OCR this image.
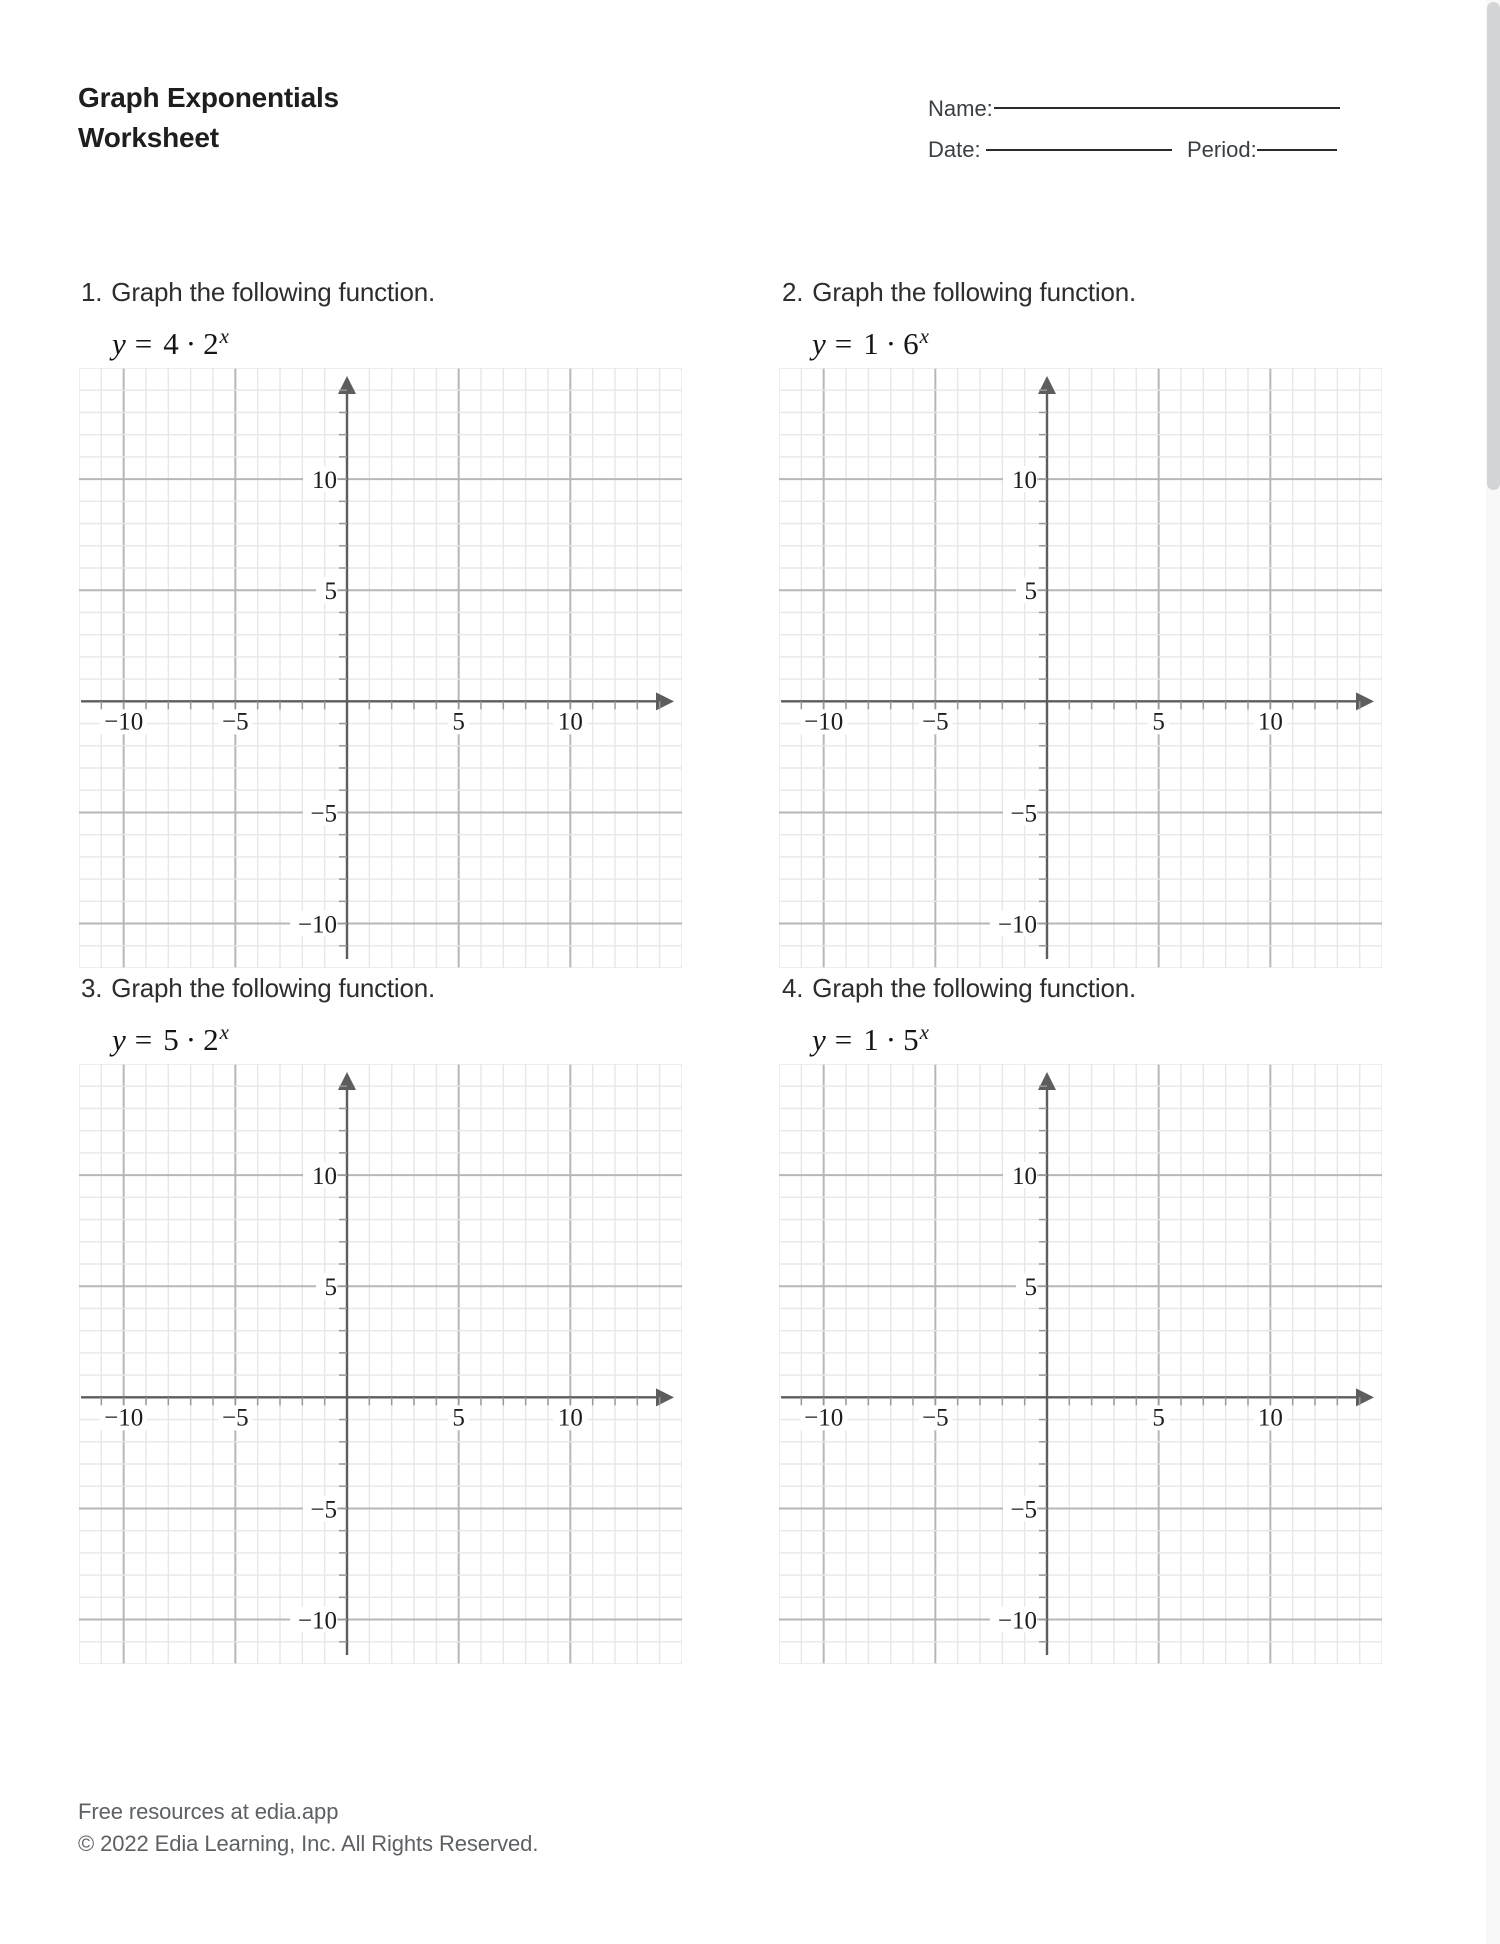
Graph Exponentials
Worksheet
Name:
Date:	Period:
1. Graph the following function.
$y = 4 \cdot 2^x$
−10	−5	5	10
10
5
−5
−10
2. Graph the following function.
$y = 1 \cdot 6^x$
−10	−5	5	10
10
5
−5
−10
3. Graph the following function.
$y = 5 \cdot 2^x$
−10	−5	5	10
10
5
−5
−10
4. Graph the following function.
$y = 1 \cdot 5^x$
−10	−5	5	10
10
5
−5
−10
Free resources at edia.app
© 2022 Edia Learning, Inc. All Rights Reserved.
